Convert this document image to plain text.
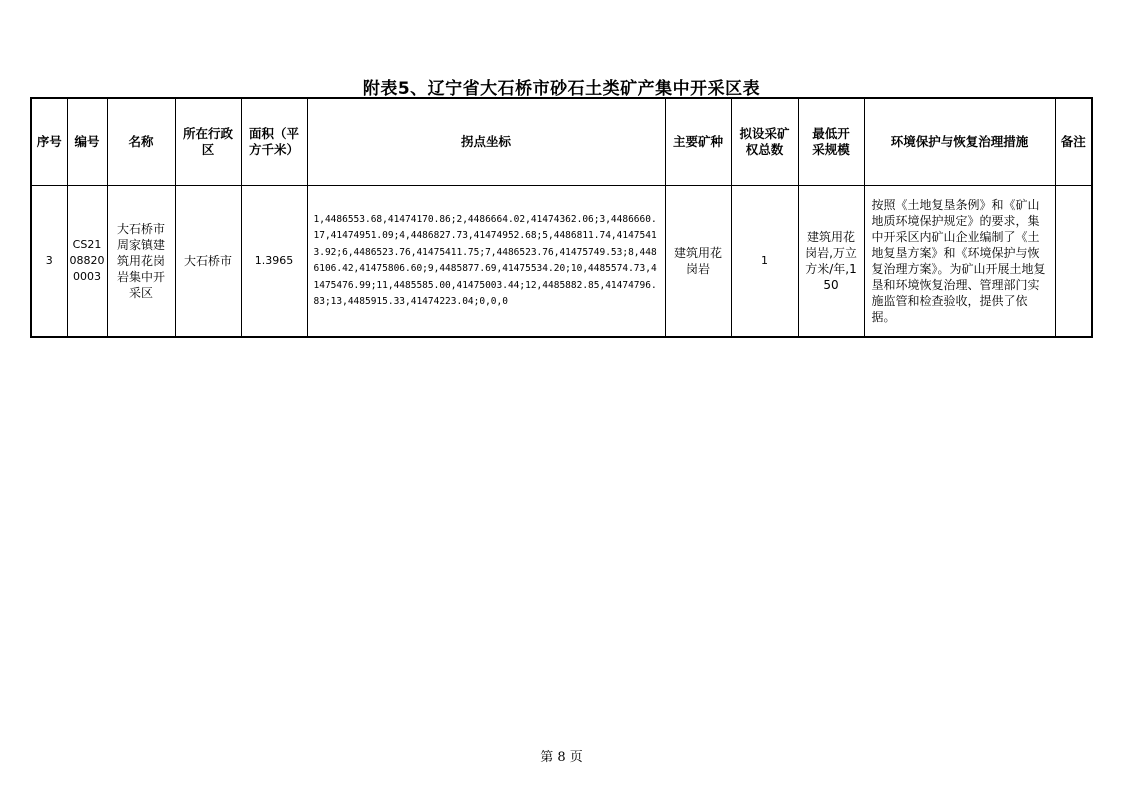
附表5、辽宁省大石桥市砂石土类矿产集中开采区表
序号	编号	名称	所在行政区	面积（平方千米）	拐点坐标	主要矿种	拟设采矿权总数	最低开采规模	环境保护与恢复治理措施	备注
3	CS21088200003	大石桥市周家镇建筑用花岗岩集中开采区	大石桥市	1.3965	1,4486553.68,41474170.86;2,4486664.02,41474362.06;3,4486660.17,41474951.09;4,4486827.73,41474952.68;5,4486811.74,41475413.92;6,4486523.76,41475411.75;7,4486523.76,41475749.53;8,4486106.42,41475806.60;9,4485877.69,41475534.20;10,4485574.73,41475476.99;11,4485585.00,41475003.44;12,4485882.85,41474796.83;13,4485915.33,41474223.04;0,0,0	建筑用花岗岩	1	建筑用花岗岩,万立方米/年,150	按照《土地复垦条例》和《矿山地质环境保护规定》的要求，集中开采区内矿山企业编制了《土地复垦方案》和《环境保护与恢复治理方案》。为矿山开展土地复垦和环境恢复治理、管理部门实施监管和检查验收，提供了依据。	
第 8 页
